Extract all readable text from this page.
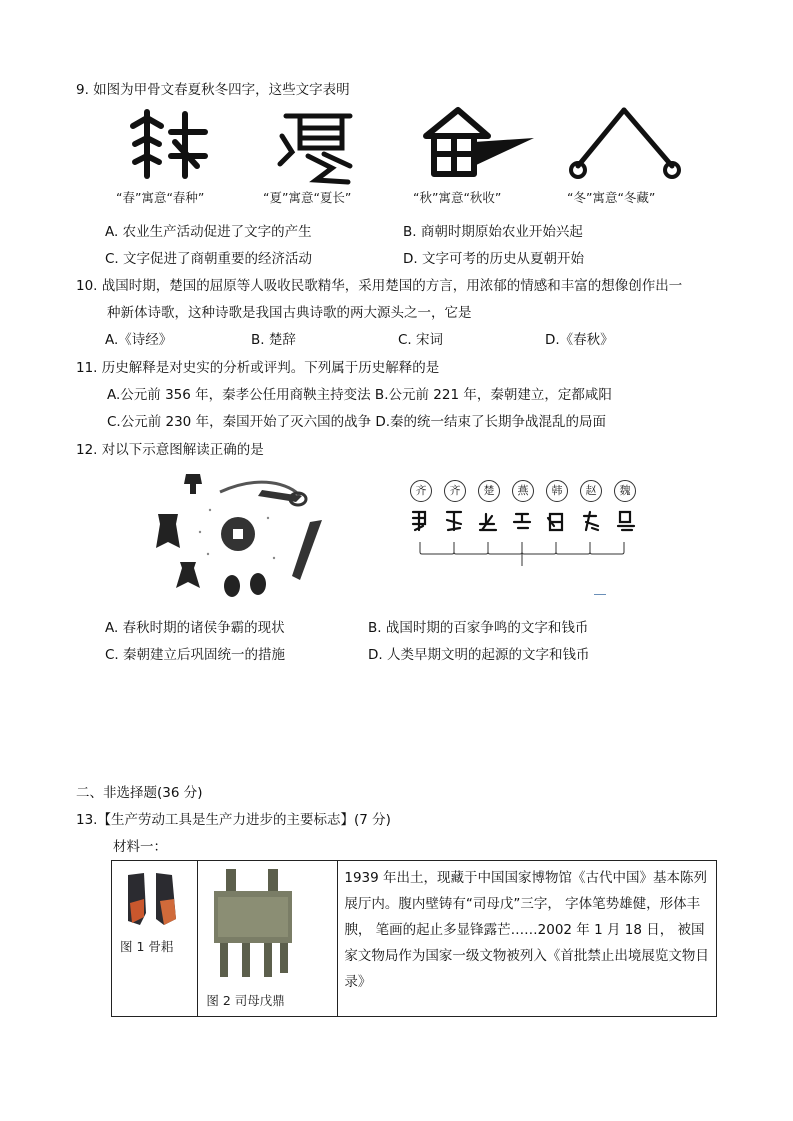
9. 如图为甲骨文春夏秋冬四字，这些文字表明
“春”寓意“春种”	“夏”寓意“夏长”	“秋”寓意“秋收”	“冬”寓意“冬藏”
A. 农业生产活动促进了文字的产生	B. 商朝时期原始农业开始兴起
C. 文字促进了商朝重要的经济活动	D. 文字可考的历史从夏朝开始
10. 战国时期，楚国的屈原等人吸收民歌精华，采用楚国的方言，用浓郁的情感和丰富的想像创作出一
种新体诗歌，这种诗歌是我国古典诗歌的两大源头之一，它是
A.《诗经》	B. 楚辞	C. 宋词	D.《春秋》
11. 历史解释是对史实的分析或评判。下列属于历史解释的是
A.公元前 356 年，秦孝公任用商鞅主持变法 B.公元前 221 年，秦朝建立，定都咸阳
C.公元前 230 年，秦国开始了灭六国的战争 D.秦的统一结束了长期争战混乱的局面
12. 对以下示意图解读正确的是
齐	齐	楚	燕	韩	赵	魏
A. 春秋时期的诸侯争霸的现状	B. 战国时期的百家争鸣的文字和钱币
C. 秦朝建立后巩固统一的措施	D. 人类早期文明的起源的文字和钱币
二、非选择题(36 分)
13.【生产劳动工具是生产力进步的主要标志】(7 分)
材料一：
图 1 骨耜

图 2 司母戊鼎

1939 年出土，现藏于中国国家博物馆《古代中国》基本陈列展厅内。腹内壁铸有“司母戊”三字， 字体笔势雄健，形体丰腴， 笔画的起止多显锋露芒……2002 年 1 月 18 日， 被国家文物局作为国家一级文物被列入《首批禁止出境展览文物目录》
